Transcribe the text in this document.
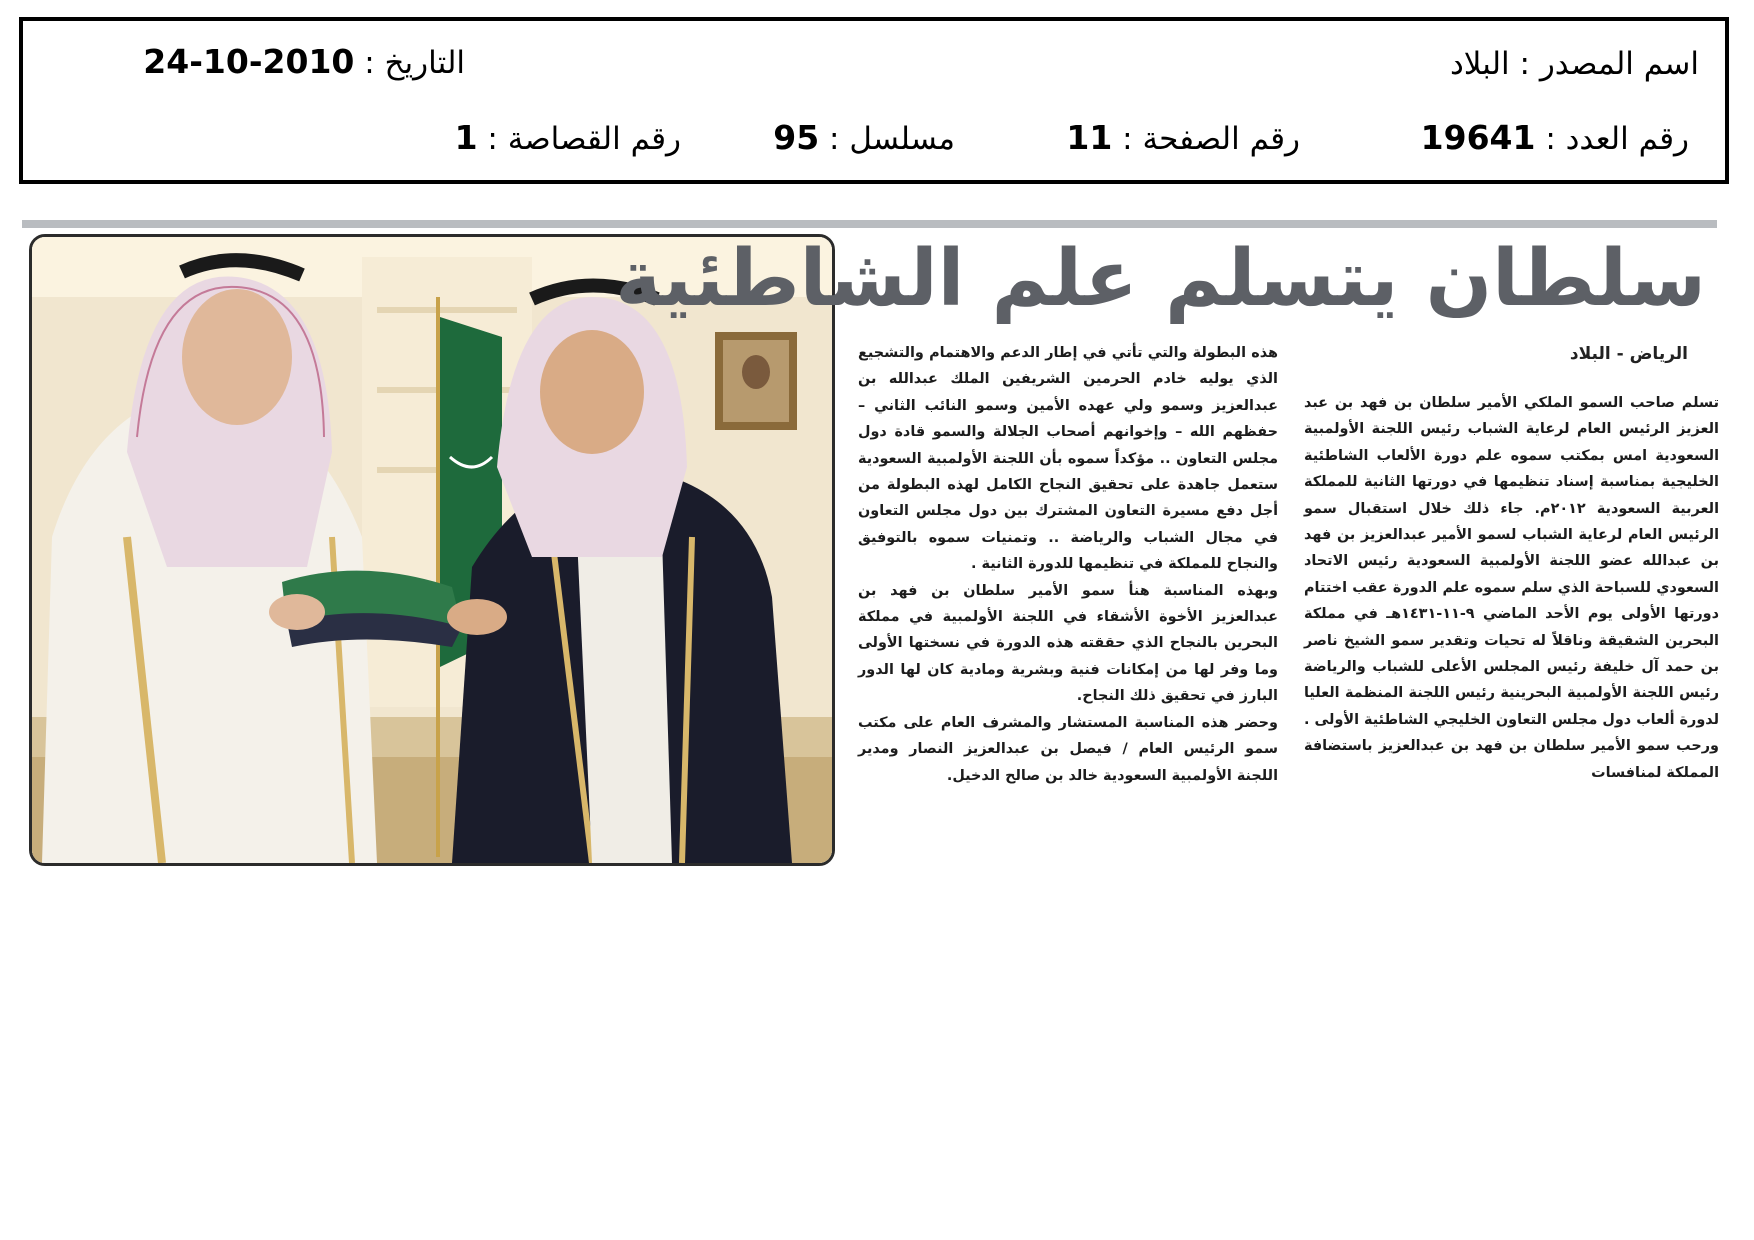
اسم المصدر : البلاد
التاريخ : 24-10-2010
رقم العدد : 19641
رقم الصفحة : 11
مسلسل : 95
رقم القصاصة : 1
سلطان يتسلم علم الشاطئية
الرياض - البلاد

تسلم صاحب السمو الملكي الأمير سلطان بن فهد بن عبد العزيز الرئيس العام لرعاية الشباب رئيس اللجنة الأولمبية السعودية امس بمكتب سموه علم دورة الألعاب الشاطئية الخليجية بمناسبة إسناد تنظيمها في دورتها الثانية للمملكة العربية السعودية ٢٠١٢م. جاء ذلك خلال استقبال سمو الرئيس العام لرعاية الشباب لسمو الأمير عبدالعزيز بن فهد بن عبدالله عضو اللجنة الأولمبية السعودية رئيس الاتحاد السعودي للسباحة الذي سلم سموه علم الدورة عقب اختتام دورتها الأولى يوم الأحد الماضي ٩-١١-١٤٣١هـ في مملكة البحرين الشقيقة وناقلاً له تحيات وتقدير سمو الشيخ ناصر بن حمد آل خليفة رئيس المجلس الأعلى للشباب والرياضة رئيس اللجنة الأولمبية البحرينية رئيس اللجنة المنظمة العليا لدورة ألعاب دول مجلس التعاون الخليجي الشاطئية الأولى . ورحب سمو الأمير سلطان بن فهد بن عبدالعزيز باستضافة المملكة لمنافسات

هذه البطولة والتي تأتي في إطار الدعم والاهتمام والتشجيع الذي يوليه خادم الحرمين الشريفين الملك عبدالله بن عبدالعزيز وسمو ولي عهده الأمين وسمو النائب الثاني – حفظهم الله – وإخوانهم أصحاب الجلالة والسمو قادة دول مجلس التعاون .. مؤكداً سموه بأن اللجنة الأولمبية السعودية ستعمل جاهدة على تحقيق النجاح الكامل لهذه البطولة من أجل دفع مسيرة التعاون المشترك بين دول مجلس التعاون في مجال الشباب والرياضة .. وتمنيات سموه بالتوفيق والنجاح للمملكة في تنظيمها للدورة الثانية .

وبهذه المناسبة هنأ سمو الأمير سلطان بن فهد بن عبدالعزيز الأخوة الأشقاء في اللجنة الأولمبية في مملكة البحرين بالنجاح الذي حققته هذه الدورة في نسختها الأولى وما وفر لها من إمكانات فنية وبشرية ومادية كان لها الدور البارز في تحقيق ذلك النجاح.

وحضر هذه المناسبة المستشار والمشرف العام على مكتب سمو الرئيس العام / فيصل بن عبدالعزيز النصار ومدير اللجنة الأولمبية السعودية خالد بن صالح الدخيل.
